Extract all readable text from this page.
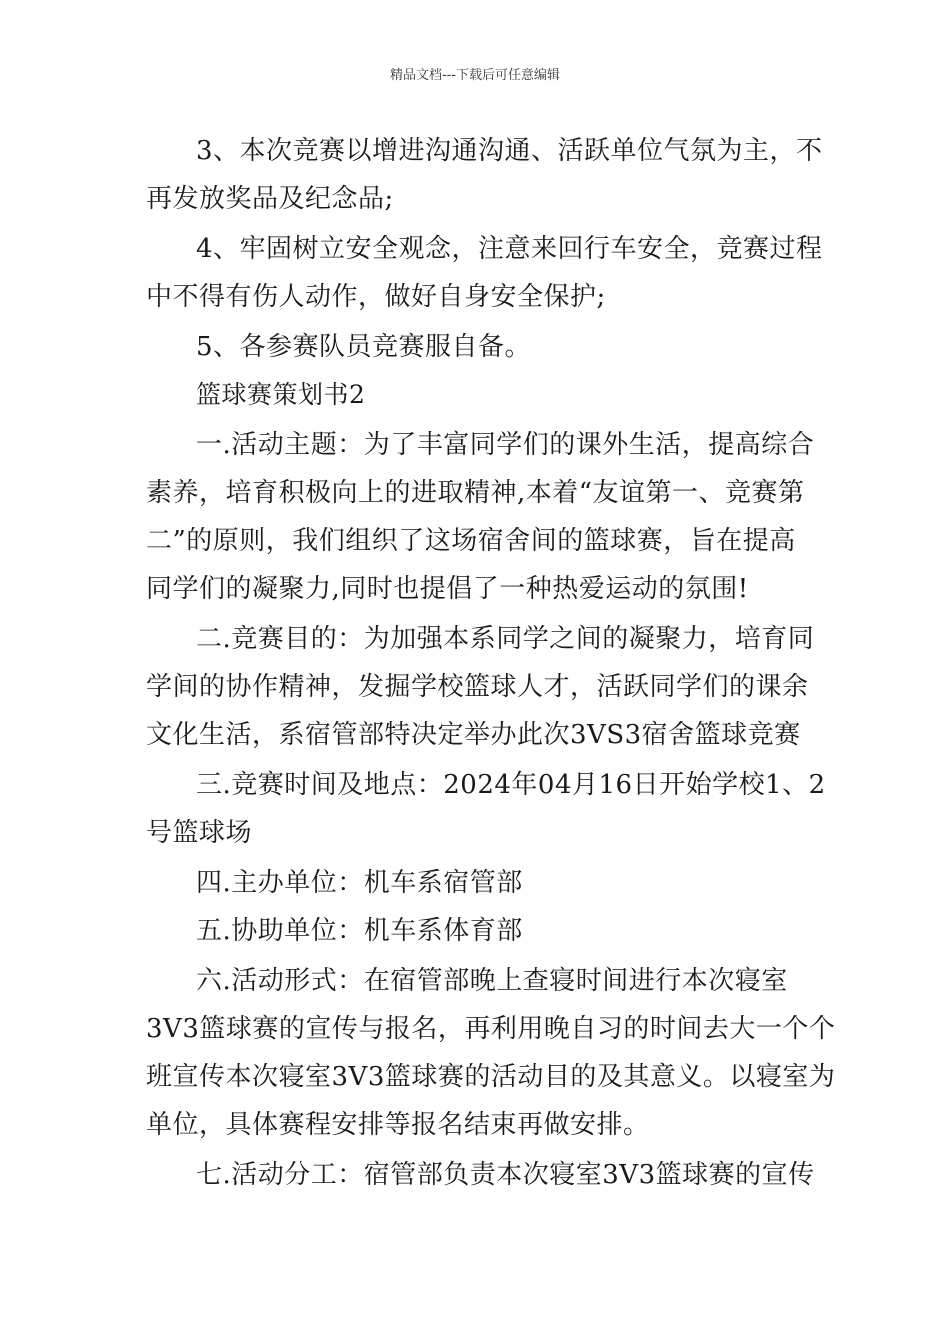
精品文档---下载后可任意编辑
3、本次竞赛以增进沟通沟通、活跃单位气氛为主，不
再发放奖品及纪念品;
4、牢固树立安全观念，注意来回行车安全，竞赛过程
中不得有伤人动作，做好自身安全保护;
5、各参赛队员竞赛服自备。
篮球赛策划书2
一.活动主题：为了丰富同学们的课外生活，提高综合
素养，培育积极向上的进取精神,本着“友谊第一、竞赛第
二”的原则，我们组织了这场宿舍间的篮球赛，旨在提高
同学们的凝聚力,同时也提倡了一种热爱运动的氛围!
二.竞赛目的：为加强本系同学之间的凝聚力，培育同
学间的协作精神，发掘学校篮球人才，活跃同学们的课余
文化生活，系宿管部特决定举办此次3VS3宿舍篮球竞赛
三.竞赛时间及地点：2024年04月16日开始学校1、2
号篮球场
四.主办单位：机车系宿管部
五.协助单位：机车系体育部
六.活动形式：在宿管部晚上查寝时间进行本次寝室
3V3篮球赛的宣传与报名，再利用晚自习的时间去大一个个
班宣传本次寝室3V3篮球赛的活动目的及其意义。以寝室为
单位，具体赛程安排等报名结束再做安排。
七.活动分工：宿管部负责本次寝室3V3篮球赛的宣传
